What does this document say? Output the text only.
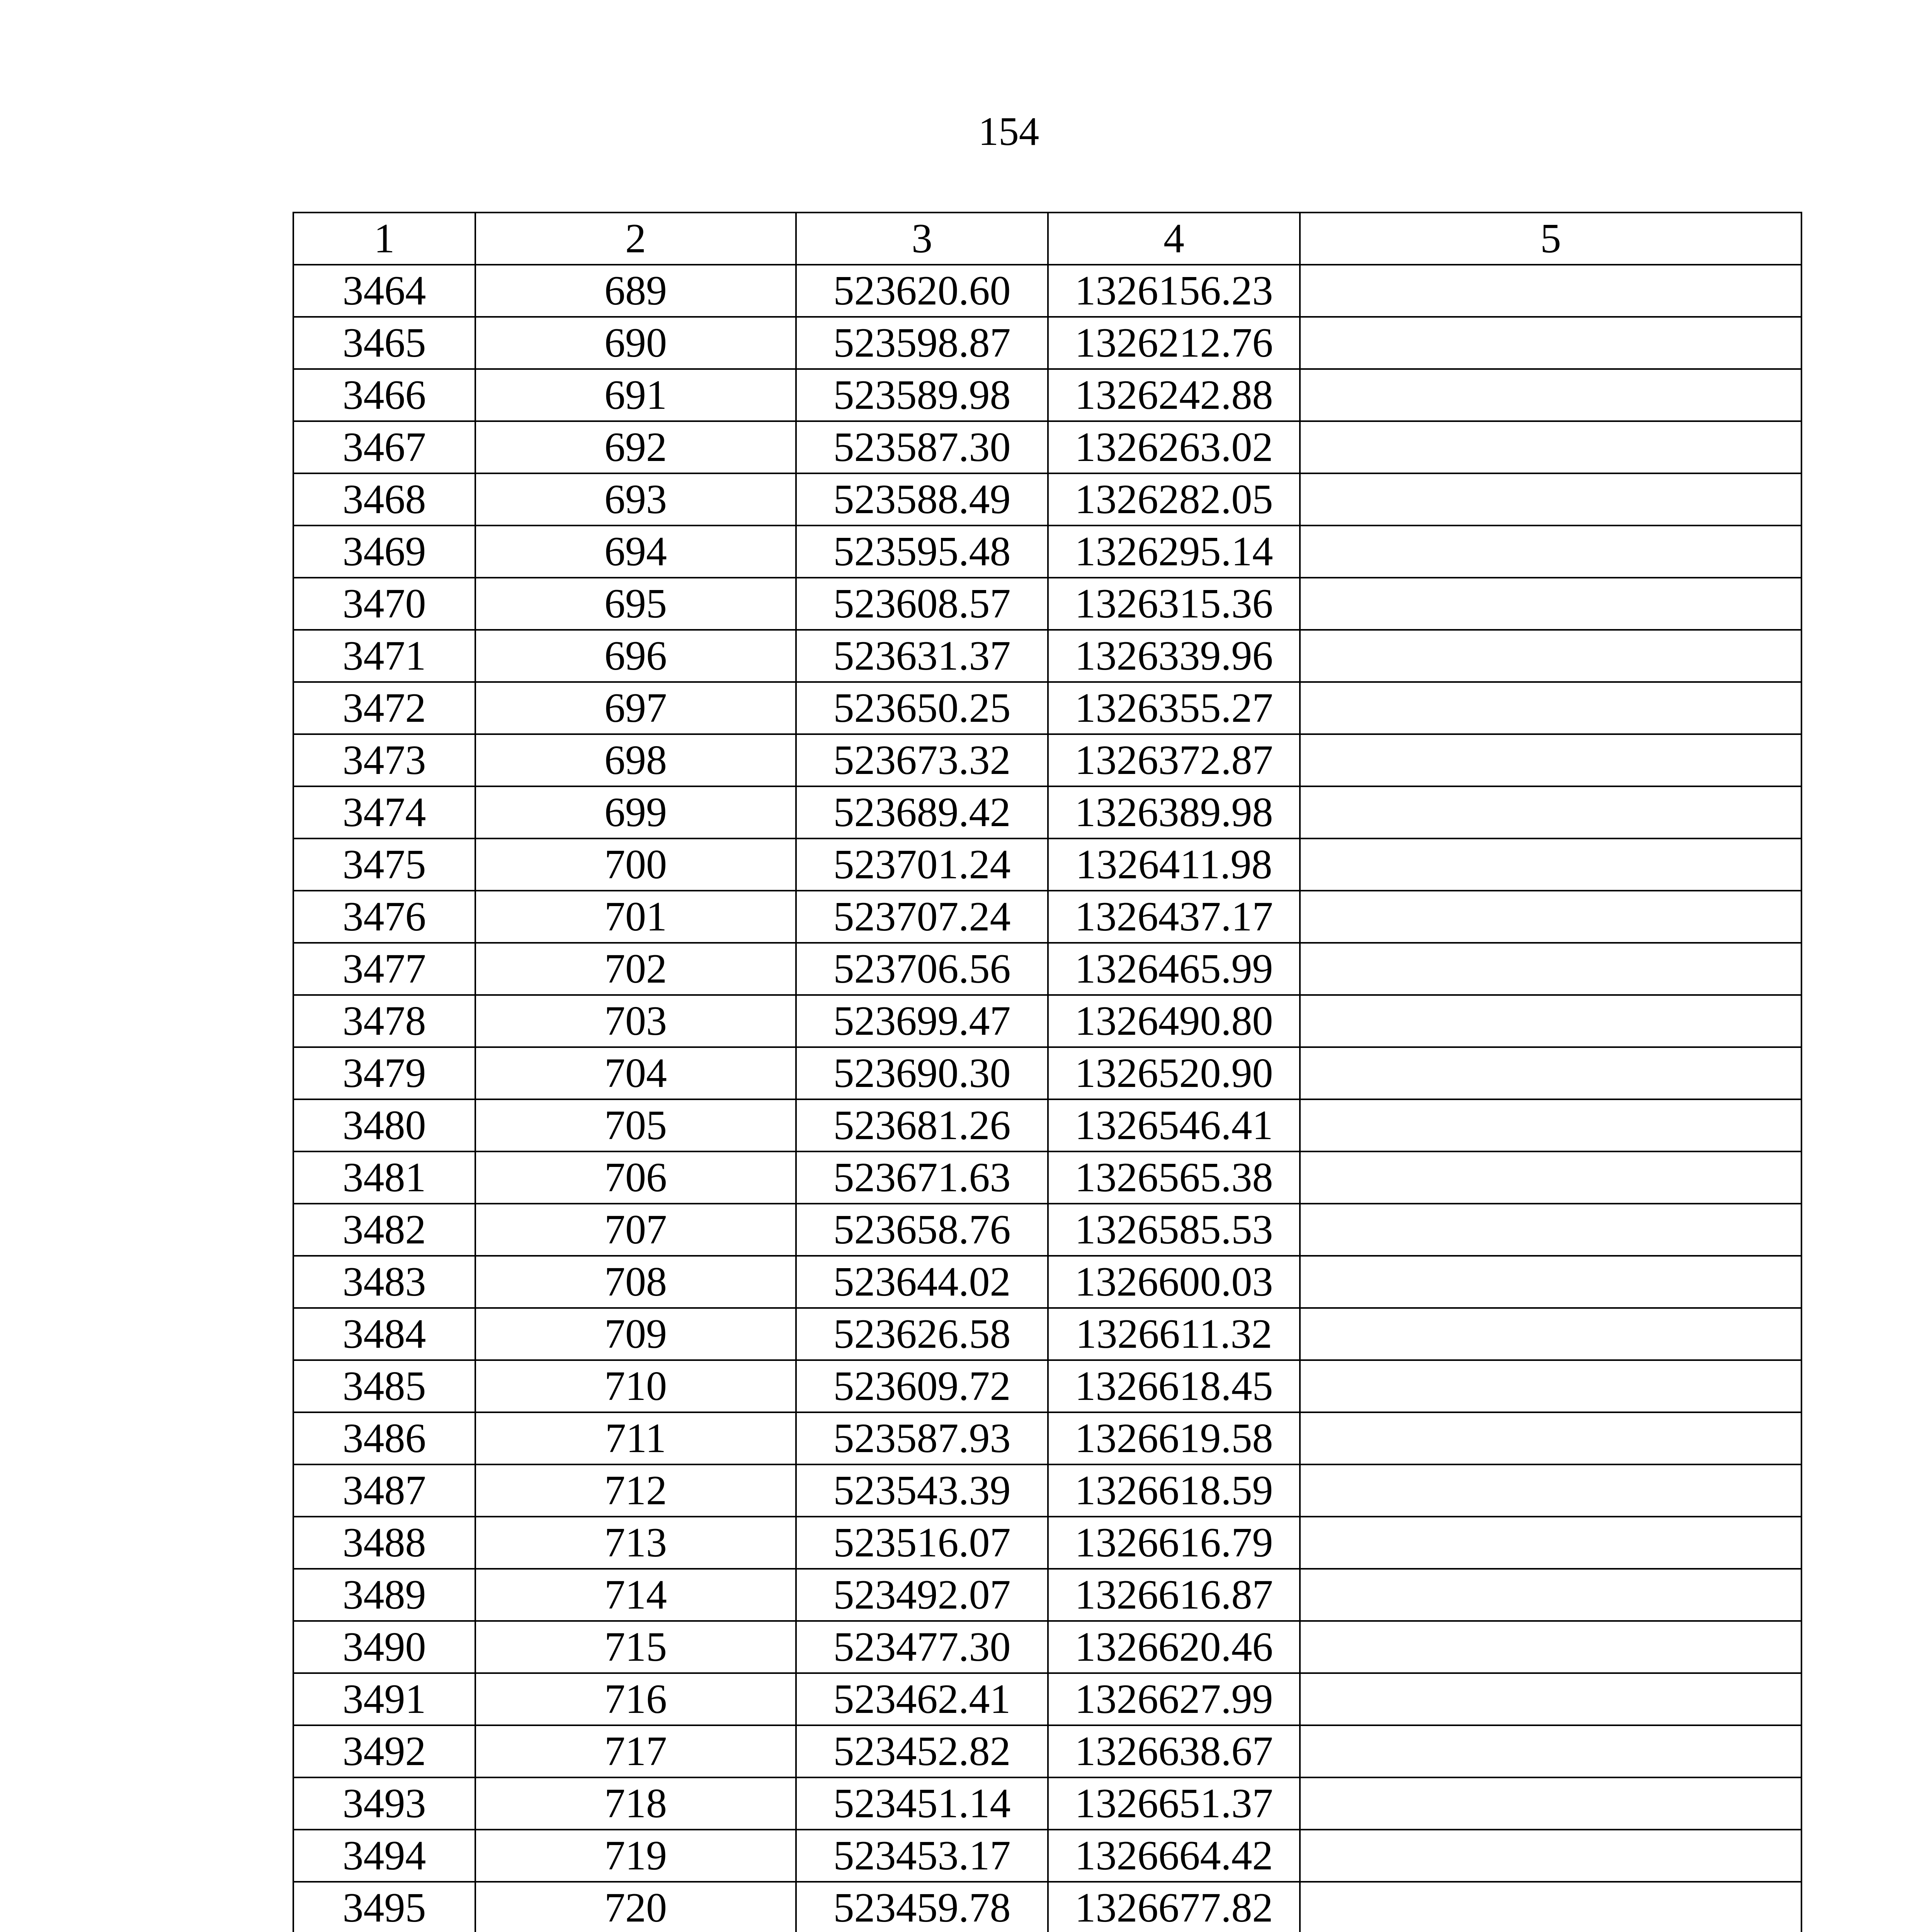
154
1	2	3	4	5
3464	689	523620.60	1326156.23	
3465	690	523598.87	1326212.76	
3466	691	523589.98	1326242.88	
3467	692	523587.30	1326263.02	
3468	693	523588.49	1326282.05	
3469	694	523595.48	1326295.14	
3470	695	523608.57	1326315.36	
3471	696	523631.37	1326339.96	
3472	697	523650.25	1326355.27	
3473	698	523673.32	1326372.87	
3474	699	523689.42	1326389.98	
3475	700	523701.24	1326411.98	
3476	701	523707.24	1326437.17	
3477	702	523706.56	1326465.99	
3478	703	523699.47	1326490.80	
3479	704	523690.30	1326520.90	
3480	705	523681.26	1326546.41	
3481	706	523671.63	1326565.38	
3482	707	523658.76	1326585.53	
3483	708	523644.02	1326600.03	
3484	709	523626.58	1326611.32	
3485	710	523609.72	1326618.45	
3486	711	523587.93	1326619.58	
3487	712	523543.39	1326618.59	
3488	713	523516.07	1326616.79	
3489	714	523492.07	1326616.87	
3490	715	523477.30	1326620.46	
3491	716	523462.41	1326627.99	
3492	717	523452.82	1326638.67	
3493	718	523451.14	1326651.37	
3494	719	523453.17	1326664.42	
3495	720	523459.78	1326677.82	
